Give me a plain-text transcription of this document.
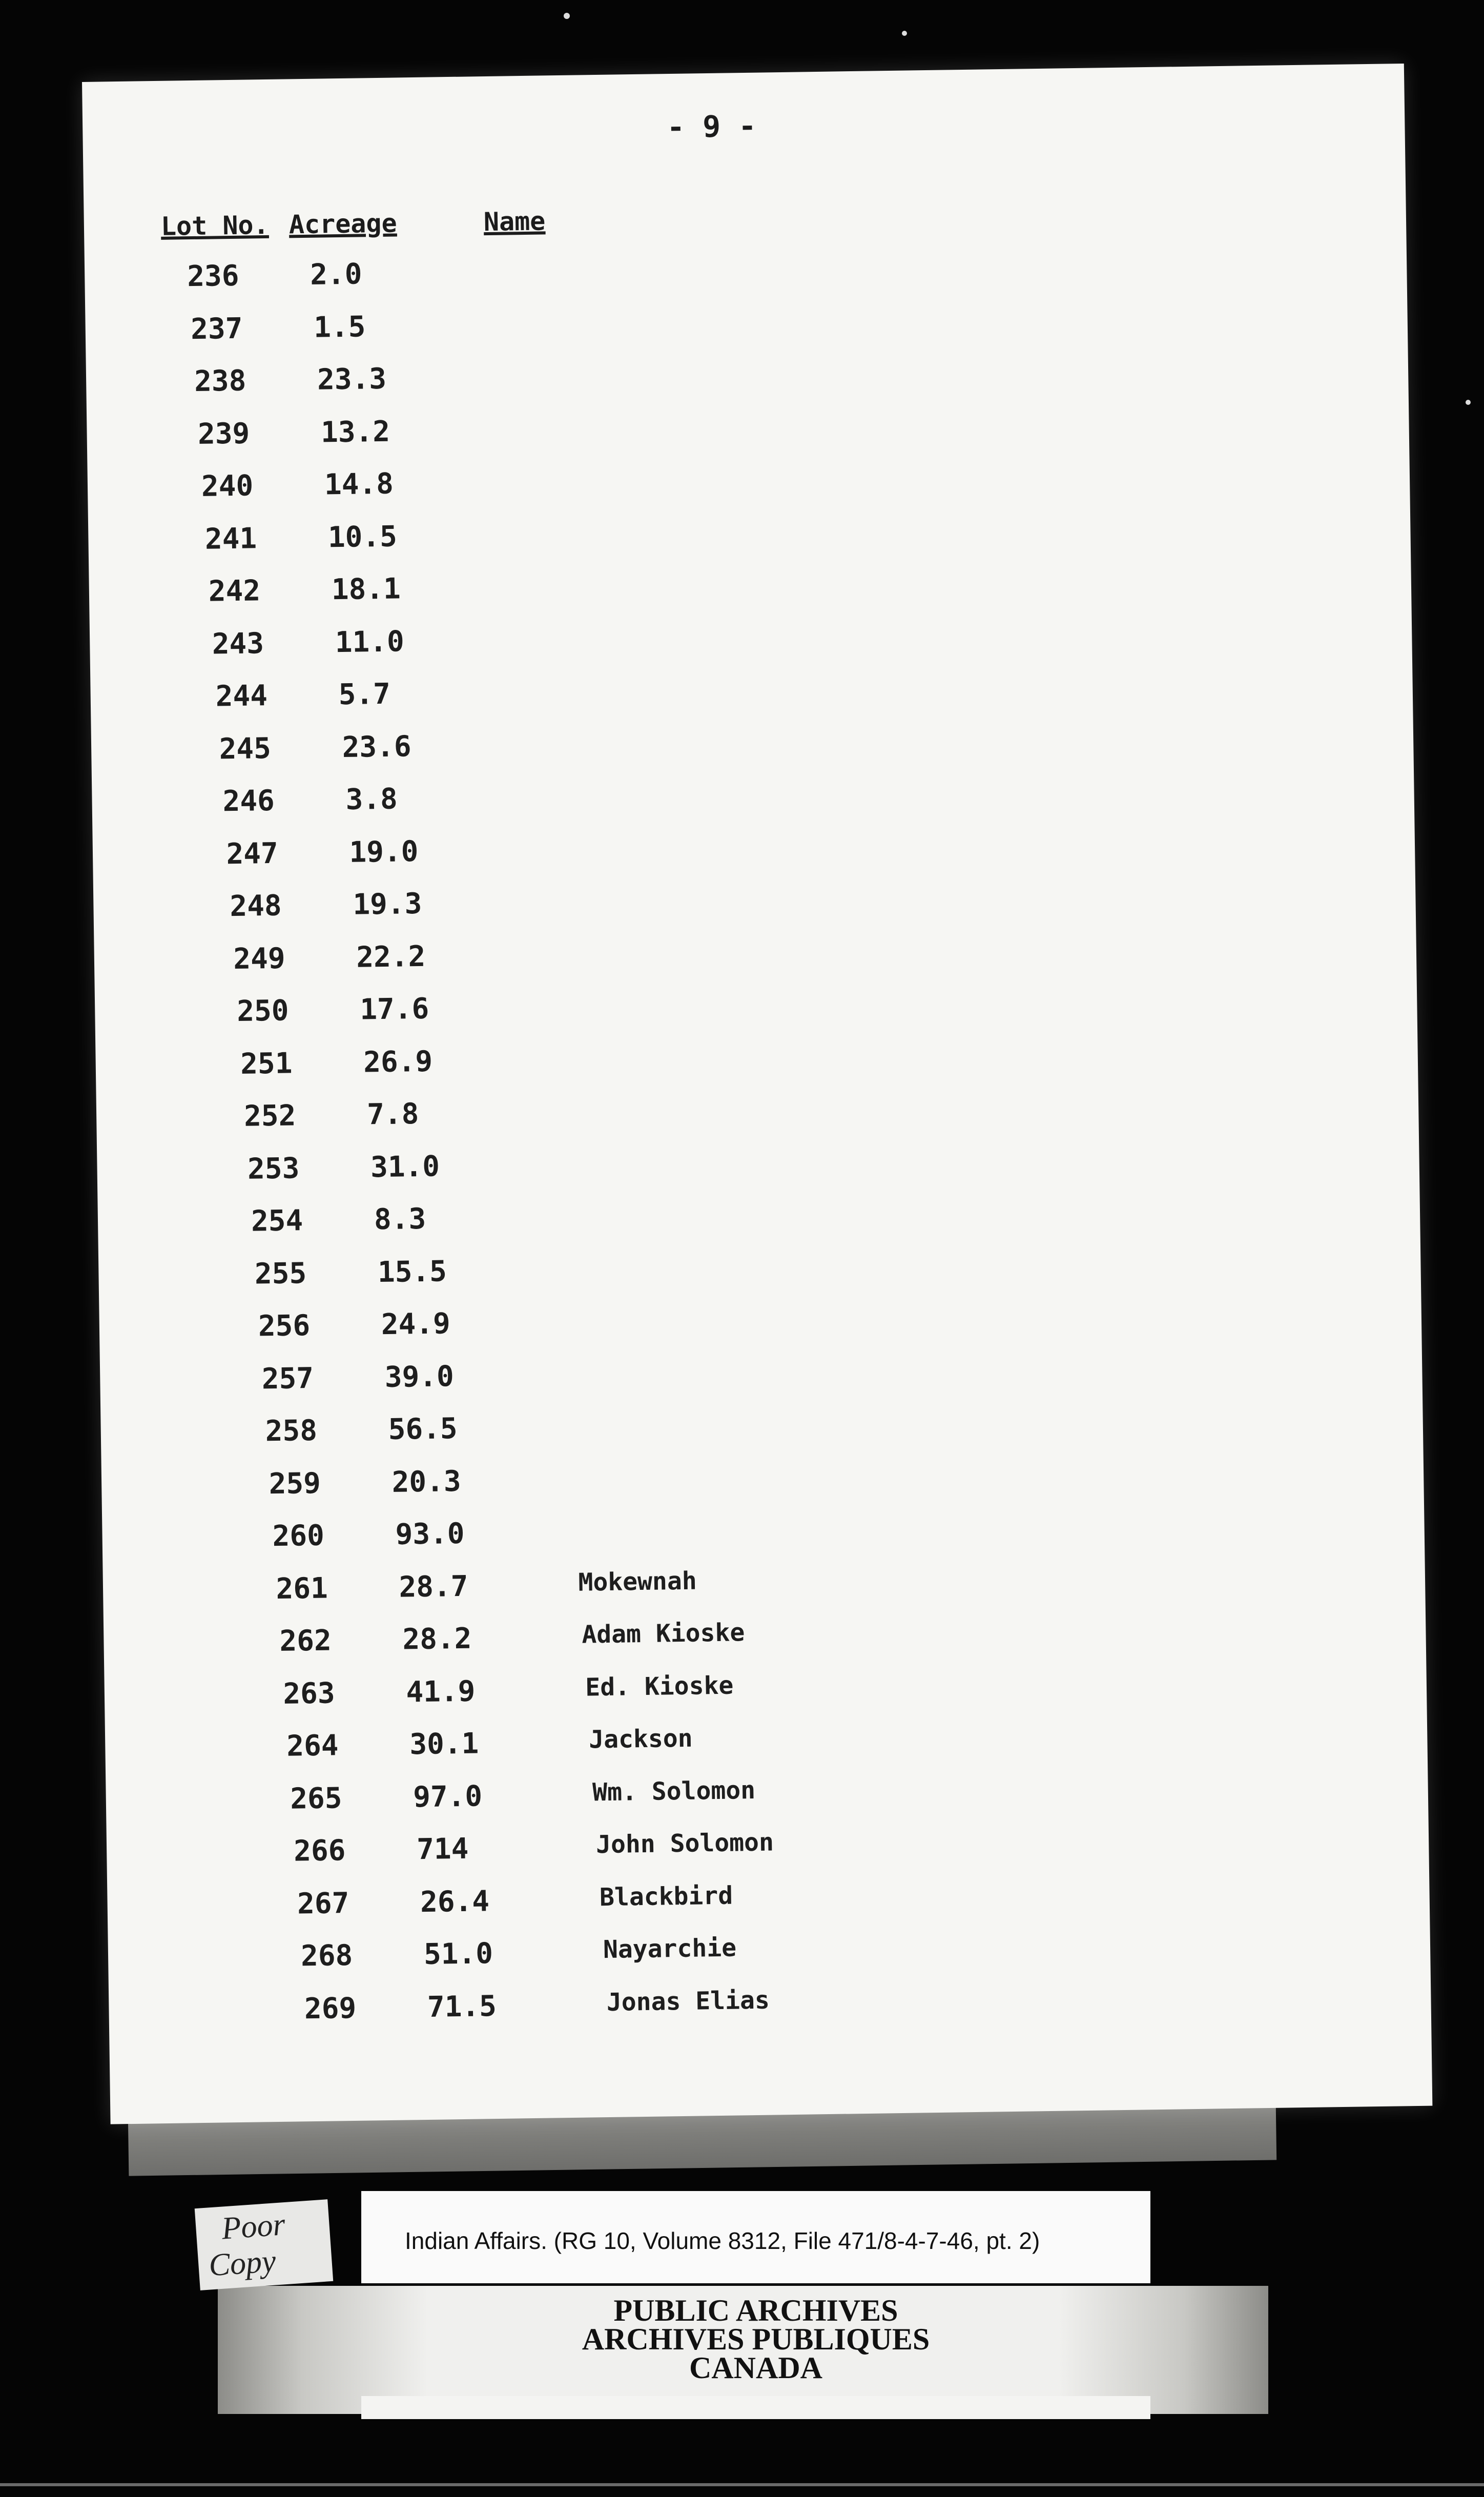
- 9 -
Lot No. Acreage	Name
236 2.0
237 1.5
238 23.3
239 13.2
240 14.8
241 10.5
242 18.1
243 11.0
244 5.7
245 23.6
246 3.8
247 19.0
248 19.3
249 22.2
250 17.6
251 26.9
252 7.8
253 31.0
254 8.3
255 15.5
256 24.9
257 39.0
258 56.5
259 20.3
260 93.0
261 28.7	Mokewnah
262 28.2	Adam Kioske
263 41.9	Ed. Kioske
264 30.1	Jackson
265 97.0	Wm. Solomon
266 714	John Solomon
267 26.4	Blackbird
268 51.0	Nayarchie
269 71.5	Jonas Elias
Indian Affairs. (RG 10, Volume 8312, File 471/8-4-7-46, pt. 2)
PUBLIC ARCHIVES
ARCHIVES PUBLIQUES
CANADA
Poor
Copy
